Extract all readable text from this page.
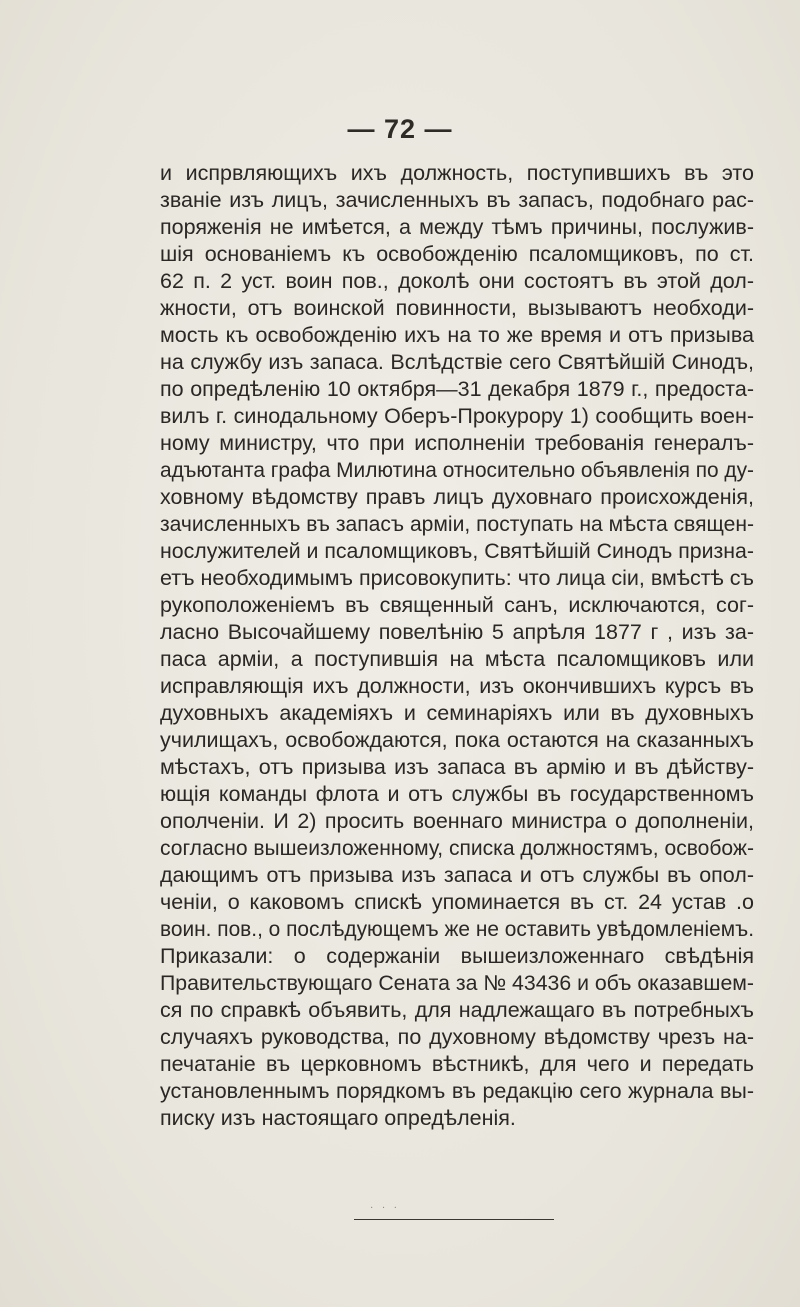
— 72 —
и испрвляющихъ ихъ должность, поступившихъ въ это
званіе изъ лицъ, зачисленныхъ въ запасъ, подобнаго рас-
поряженія не имѣется, а между тѣмъ причины, послужив-
шія основаніемъ къ освобожденію псаломщиковъ, по ст.
62 п. 2 уст. воин пов., доколѣ они состоятъ въ этой дол-
жности, отъ воинской повинности, вызываютъ необходи-
мость къ освобожденію ихъ на то же время и отъ призыва
на службу изъ запаса. Вслѣдствіе сего Святѣйшій Синодъ,
по опредѣленію 10 октября—31 декабря 1879 г., предоста-
вилъ г. синодальному Оберъ-Прокурору 1) сообщить воен-
ному министру, что при исполненіи требованія генералъ-
адъютанта графа Милютина относительно объявленія по ду-
ховному вѣдомству правъ лицъ духовнаго происхожденія,
зачисленныхъ въ запасъ арміи, поступать на мѣста священ-
нослужителей и псаломщиковъ, Святѣйшій Синодъ призна-
етъ необходимымъ присовокупить: что лица сіи, вмѣстѣ съ
рукоположеніемъ въ священный санъ, исключаются, сог-
ласно Высочайшему повелѣнію 5 апрѣля 1877 г , изъ за-
паса арміи, а поступившія на мѣста псаломщиковъ или
исправляющія ихъ должности, изъ окончившихъ курсъ въ
духовныхъ академіяхъ и семинаріяхъ или въ духовныхъ
училищахъ, освобождаются, пока остаются на сказанныхъ
мѣстахъ, отъ призыва изъ запаса въ армію и въ дѣйству-
ющія команды флота и отъ службы въ государственномъ
ополченіи. И 2) просить военнаго министра о дополненіи,
согласно вышеизложенному, списка должностямъ, освобож-
дающимъ отъ призыва изъ запаса и отъ службы въ опол-
ченіи, о каковомъ спискѣ упоминается въ ст. 24 устав .о
воин. пов., о послѣдующемъ же не оставить увѣдомленіемъ.
Приказали: о содержаніи вышеизложеннаго свѣдѣнія
Правительствующаго Сената за № 43436 и объ оказавшем-
ся по справкѣ объявить, для надлежащаго въ потребныхъ
случаяхъ руководства, по духовному вѣдомству чрезъ на-
печатаніе въ церковномъ вѣстникѣ, для чего и передать
установленнымъ порядкомъ въ редакцію сего журнала вы-
писку изъ настоящаго опредѣленія.
· · ·
